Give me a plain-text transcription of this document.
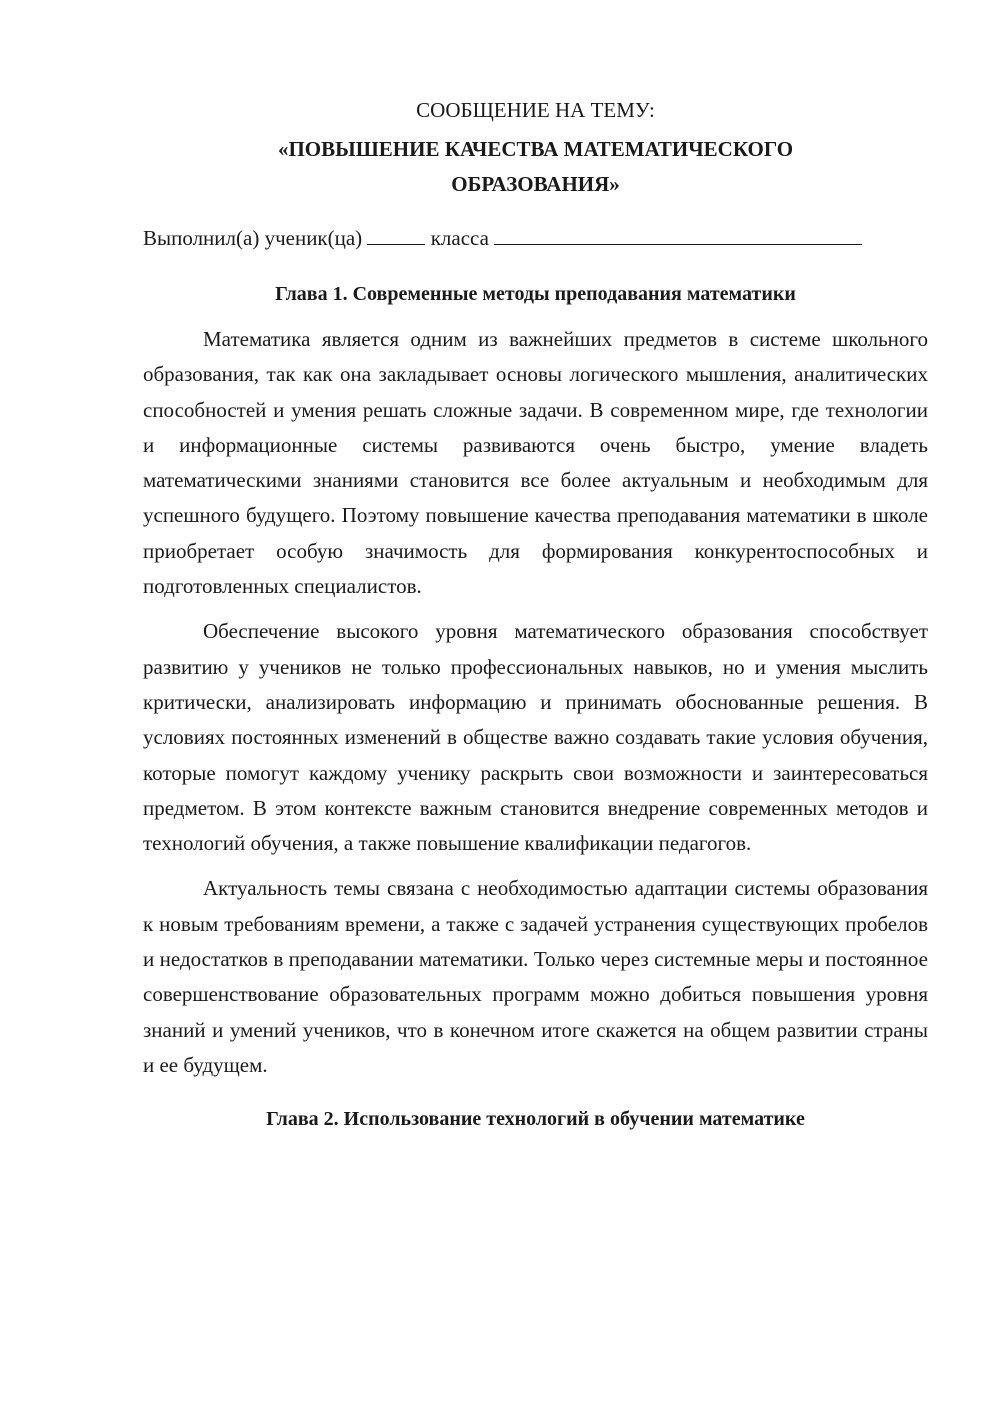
СООБЩЕНИЕ НА ТЕМУ:

«ПОВЫШЕНИЕ КАЧЕСТВА МАТЕМАТИЧЕСКОГО

ОБРАЗОВАНИЯ»

Выполнил(а) ученик(ца)	класса

Глава 1. Современные методы преподавания математики

Математика является одним из важнейших предметов в системе школьного образования, так как она закладывает основы логического мышления, аналитических способностей и умения решать сложные задачи. В современном мире, где технологии и информационные системы развиваются очень быстро, умение владеть математическими знаниями становится все более актуальным и необходимым для успешного будущего. Поэтому повышение качества преподавания математики в школе приобретает особую значимость для формирования конкурентоспособных и подготовленных специалистов.

Обеспечение высокого уровня математического образования способствует развитию у учеников не только профессиональных навыков, но и умения мыслить критически, анализировать информацию и принимать обоснованные решения. В условиях постоянных изменений в обществе важно создавать такие условия обучения, которые помогут каждому ученику раскрыть свои возможности и заинтересоваться предметом. В этом контексте важным становится внедрение современных методов и технологий обучения, а также повышение квалификации педагогов.

Актуальность темы связана с необходимостью адаптации системы образования к новым требованиям времени, а также с задачей устранения существующих пробелов и недостатков в преподавании математики. Только через системные меры и постоянное совершенствование образовательных программ можно добиться повышения уровня знаний и умений учеников, что в конечном итоге скажется на общем развитии страны и ее будущем.

Глава 2. Использование технологий в обучении математике
